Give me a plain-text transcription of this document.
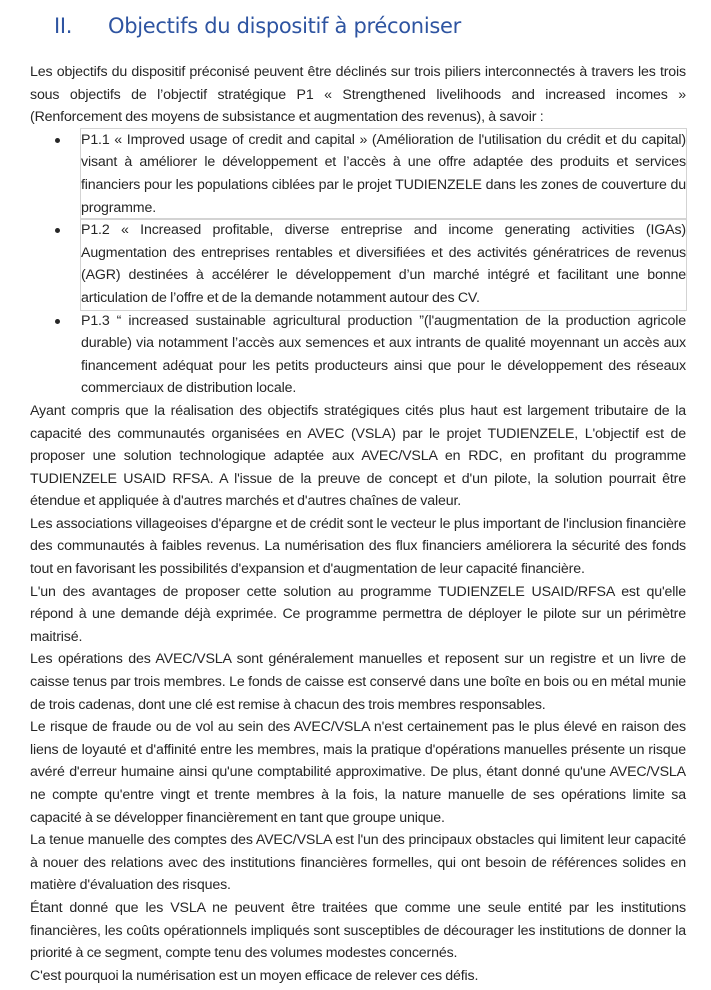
II.	Objectifs du dispositif à préconiser

Les objectifs du dispositif préconisé peuvent être déclinés sur trois piliers interconnectés à travers les trois sous objectifs de l’objectif stratégique P1 « Strengthened livelihoods and increased incomes » (Renforcement des moyens de subsistance et augmentation des revenus), à savoir :

P1.1 « Improved usage of credit and capital » (Amélioration de l'utilisation du crédit et du capital) visant à améliorer le développement et l’accès à une offre adaptée des produits et services financiers pour les populations ciblées par le projet TUDIENZELE dans les zones de couverture du programme.

P1.2 « Increased profitable, diverse entreprise and income generating activities (IGAs) Augmentation des entreprises rentables et diversifiées et des activités génératrices de revenus (AGR) destinées à accélérer le développement d’un marché intégré et facilitant une bonne articulation de l’offre et de la demande notamment autour des CV.

P1.3 “ increased sustainable agricultural production ”(l'augmentation de la production agricole durable) via notamment l’accès aux semences et aux intrants de qualité moyennant un accès aux financement adéquat pour les petits producteurs ainsi que pour le développement des réseaux commerciaux de distribution locale.

Ayant compris que la réalisation des objectifs stratégiques cités plus haut est largement tributaire de la capacité des communautés organisées en AVEC (VSLA) par le projet TUDIENZELE, L'objectif est de proposer une solution technologique adaptée aux AVEC/VSLA en RDC, en profitant du programme TUDIENZELE USAID RFSA. A l'issue de la preuve de concept et d'un pilote, la solution pourrait être étendue et appliquée à d'autres marchés et d'autres chaînes de valeur.

Les associations villageoises d'épargne et de crédit sont le vecteur le plus important de l'inclusion financière des communautés à faibles revenus. La numérisation des flux financiers améliorera la sécurité des fonds tout en favorisant les possibilités d'expansion et d'augmentation de leur capacité financière.

L'un des avantages de proposer cette solution au programme TUDIENZELE USAID/RFSA est qu'elle répond à une demande déjà exprimée. Ce programme permettra de déployer le pilote sur un périmètre maitrisé.

Les opérations des AVEC/VSLA sont généralement manuelles et reposent sur un registre et un livre de caisse tenus par trois membres. Le fonds de caisse est conservé dans une boîte en bois ou en métal munie de trois cadenas, dont une clé est remise à chacun des trois membres responsables.

Le risque de fraude ou de vol au sein des AVEC/VSLA n'est certainement pas le plus élevé en raison des liens de loyauté et d'affinité entre les membres, mais la pratique d'opérations manuelles présente un risque avéré d'erreur humaine ainsi qu'une comptabilité approximative. De plus, étant donné qu'une AVEC/VSLA ne compte qu'entre vingt et trente membres à la fois, la nature manuelle de ses opérations limite sa capacité à se développer financièrement en tant que groupe unique.

La tenue manuelle des comptes des AVEC/VSLA est l'un des principaux obstacles qui limitent leur capacité à nouer des relations avec des institutions financières formelles, qui ont besoin de références solides en matière d'évaluation des risques.

Étant donné que les VSLA ne peuvent être traitées que comme une seule entité par les institutions financières, les coûts opérationnels impliqués sont susceptibles de décourager les institutions de donner la priorité à ce segment, compte tenu des volumes modestes concernés.

C'est pourquoi la numérisation est un moyen efficace de relever ces défis.
